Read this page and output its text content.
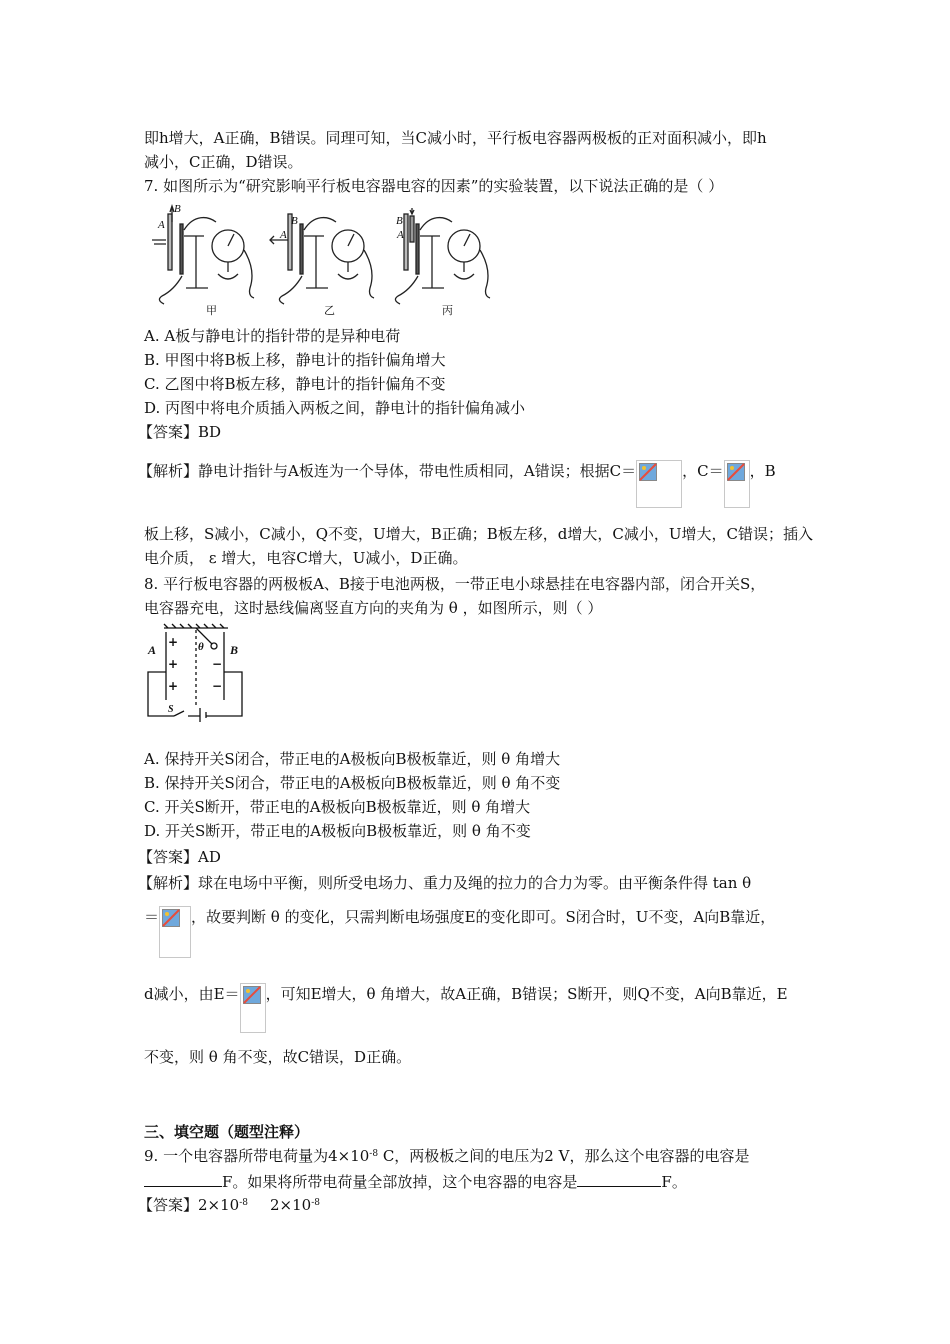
即h增大，A正确，B错误。同理可知，当C减小时，平行板电容器两极板的正对面积减小，即h
减小，C正确，D错误。
7. 如图所示为“研究影响平行板电容器电容的因素”的实验装置，以下说法正确的是（ ）
B
A	B
A
B
A
甲	乙	丙
A. A板与静电计的指针带的是异种电荷
B. 甲图中将B板上移，静电计的指针偏角增大
C. 乙图中将B板左移，静电计的指针偏角不变
D. 丙图中将电介质插入两板之间，静电计的指针偏角减小
【答案】BD
【解析】静电计指针与A板连为一个导体，带电性质相同，A错误；根据C＝	，C＝ ，B
板上移，S减小，C减小，Q不变，U增大，B正确；B板左移，d增大，C减小，U增大，C错误；插入
电介质， ε 增大，电容C增大，U减小，D正确。
8. 平行板电容器的两极板A、B接于电池两极，一带正电小球悬挂在电容器内部，闭合开关S，
电容器充电，这时悬线偏离竖直方向的夹角为 θ ，如图所示，则（ ）
A	B
θ
S
+
+
+
−
−
A. 保持开关S闭合，带正电的A极板向B极板靠近，则 θ 角增大
B. 保持开关S闭合，带正电的A极板向B极板靠近，则 θ 角不变
C. 开关S断开，带正电的A极板向B极板靠近，则 θ 角增大
D. 开关S断开，带正电的A极板向B极板靠近，则 θ 角不变
【答案】AD
【解析】球在电场中平衡，则所受电场力、重力及绳的拉力的合力为零。由平衡条件得 tan θ
＝ ，故要判断 θ 的变化，只需判断电场强度E的变化即可。S闭合时，U不变，A向B靠近，
d减小，由E＝ ，可知E增大，θ 角增大，故A正确，B错误；S断开，则Q不变，A向B靠近，E
不变，则 θ 角不变，故C错误，D正确。
三、填空题（题型注释）
9. 一个电容器所带电荷量为$4\times 10^{-8}$ C，两极板之间的电压为2 V，那么这个电容器的电容是
F。如果将所带电荷量全部放掉，这个电容器的电容是	F。
【答案】$2\times 10^{-8}$ $2\times 10^{-8}$
